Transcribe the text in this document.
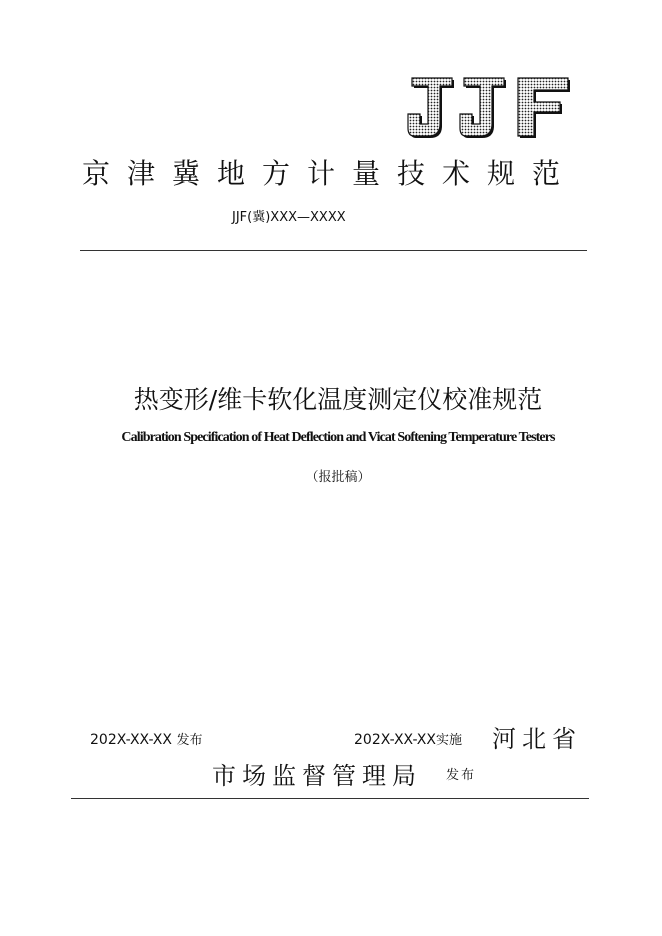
京津冀地方计量技术规范
JJF(冀)XXX—XXXX
热变形/维卡软化温度测定仪校准规范
Calibration Specification of Heat Deflection and Vicat Softening Temperature Testers
（报批稿）
202X-XX-XX 发布	202X-XX-XX实施 河北省
市场监督管理局 发布
